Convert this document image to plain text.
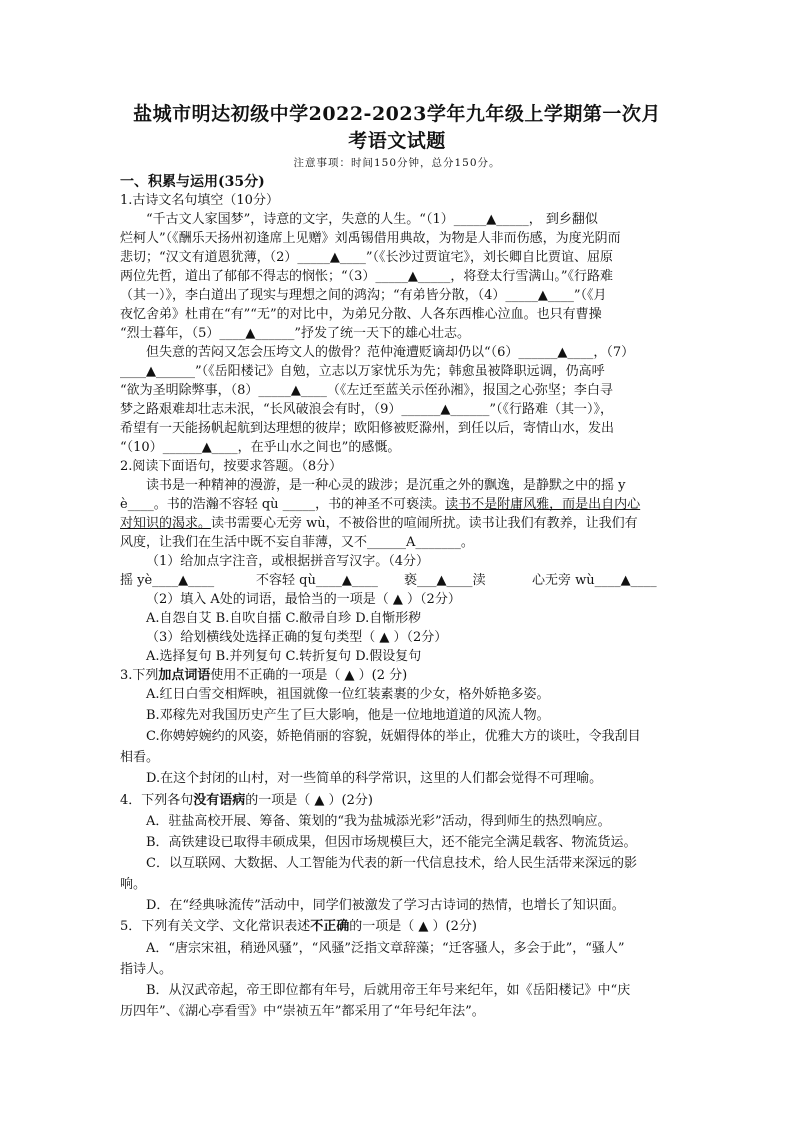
盐城市明达初级中学2022-2023学年九年级上学期第一次月
考语文试题
注意事项：时间150分钟，总分150分。
一、积累与运用(35分)
1.古诗文名句填空（10分）
“千古文人家国梦”，诗意的文字，失意的人生。“（1）_____▲_____， 到乡翻似
烂柯人”（《酬乐天扬州初逢席上见赠》刘禹锡借用典故，为物是人非而伤感，为度光阴而
悲切；“汉文有道恩犹薄，（2）_____▲____”（《长沙过贾谊宅》，刘长卿自比贾谊、屈原
两位先哲，道出了郁郁不得志的悯怅；“（3）_____▲_____，将登太行雪满山。”《行路难
（其一）》，李白道出了现实与理想之间的鸿沟；“有弟皆分散，（4）_____▲____”（《月
夜忆舍弟》杜甫在“有”“无”的对比中，为弟兄分散、人各东西椎心泣血。也只有曹操
“烈士暮年，（5）____▲______”抒发了统一天下的雄心壮志。
但失意的苦闷又怎会压垮文人的傲骨？范仲淹遭贬谪却仍以“（6）______▲____，（7）
____▲______”（《岳阳楼记》自勉，立志以万家忧乐为先；韩愈虽被降职远调，仍高呼
“欲为圣明除弊事，（8）_____▲____（《左迁至蓝关示侄孙湘》，报国之心弥坚；李白寻
梦之路艰难却壮志未泯，“长风破浪会有时，（9）______▲______”（《行路难（其一）》，
希望有一天能扬帆起航到达理想的彼岸；欧阳修被贬滁州，到任以后，寄情山水，发出
“（10）______▲____，在乎山水之间也”的感慨。
2.阅读下面语句，按要求答题。（8分）
读书是一种精神的漫游，是一种心灵的跋涉；是沉重之外的飘逸，是静默之中的摇 y
è____。书的浩瀚不容轻 qù _____，书的神圣不可亵渎。读书不是附庸风雅，而是出自内心
对知识的渴求。读书需要心无旁 wù，不被俗世的喧闹所扰。读书让我们有教养，让我们有
风度，让我们在生活中既不妄自菲薄，又不______A_______。
（1）给加点字注音，或根据拼音写汉字。（4分）
摇 yè____▲____	不容轻 qù____▲____ 亵___▲____渎	心无旁 wù____▲____
（2）填入 A处的词语，最恰当的一项是（ ▲ ）（2分）
A.自怨自艾 B.自吹自擂 C.敝帚自珍 D.自惭形秽
（3）给划横线处选择正确的复句类型（ ▲ ）（2分）
A.选择复句 B.并列复句 C.转折复句 D.假设复句
3.下列加点词语使用不正确的一项是（ ▲ ）(2 分)
A.红日白雪交相辉映，祖国就像一位红装素裹的少女，格外娇艳多姿。
B.邓稼先对我国历史产生了巨大影响，他是一位地地道道的风流人物。
C.你娉婷婉约的风姿，娇艳俏丽的容貌，妩媚得体的举止，优雅大方的谈吐，令我刮目
相看。
D.在这个封闭的山村，对一些简单的科学常识，这里的人们都会觉得不可理喻。
4．下列各句没有语病的一项是（ ▲ ）(2分)
A．驻盐高校开展、筹备、策划的“我为盐城添光彩”活动，得到师生的热烈响应。
B．高铁建设已取得丰硕成果，但因市场规模巨大，还不能完全满足载客、物流货运。
C．以互联网、大数据、人工智能为代表的新一代信息技术，给人民生活带来深远的影
响。
D．在“经典咏流传”活动中，同学们被激发了学习古诗词的热情，也增长了知识面。
5．下列有关文学、文化常识表述不正确的一项是（ ▲ ）(2分)
A．“唐宗宋祖，稍逊风骚”，“风骚”泛指文章辞藻；“迁客骚人，多会于此”，“骚人”
指诗人。
B．从汉武帝起，帝王即位都有年号，后就用帝王年号来纪年，如《岳阳楼记》中“庆
历四年”、《湖心亭看雪》中“崇祯五年”都采用了“年号纪年法”。
